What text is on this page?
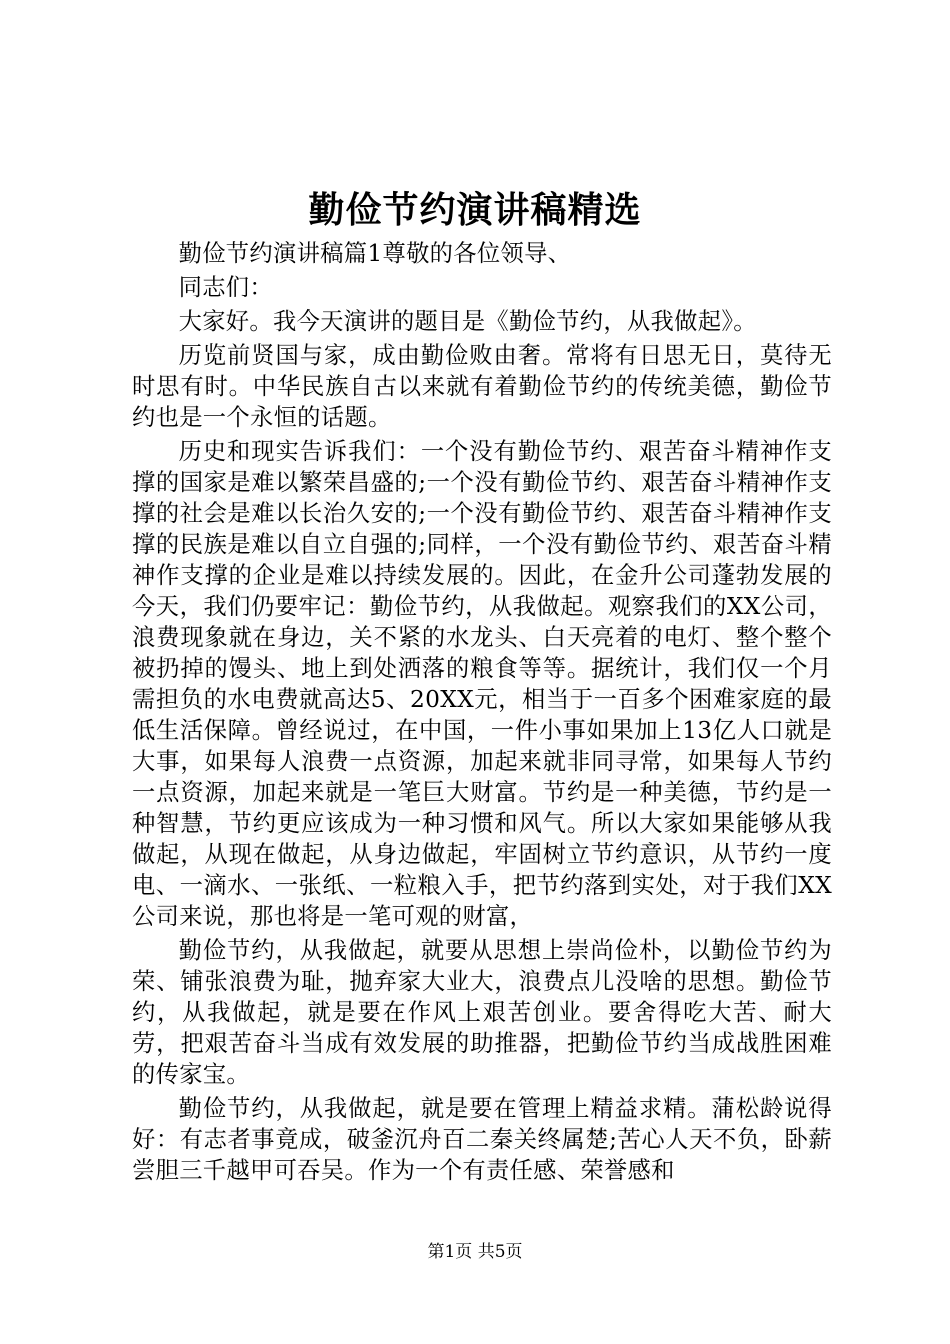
勤俭节约演讲稿精选

勤俭节约演讲稿篇1尊敬的各位领导、

同志们：

大家好。我今天演讲的题目是《勤俭节约，从我做起》。

历览前贤国与家，成由勤俭败由奢。常将有日思无日，莫待无时思有时。中华民族自古以来就有着勤俭节约的传统美德，勤俭节约也是一个永恒的话题。

历史和现实告诉我们：一个没有勤俭节约、艰苦奋斗精神作支撑的国家是难以繁荣昌盛的;一个没有勤俭节约、艰苦奋斗精神作支撑的社会是难以长治久安的;一个没有勤俭节约、艰苦奋斗精神作支撑的民族是难以自立自强的;同样，一个没有勤俭节约、艰苦奋斗精神作支撑的企业是难以持续发展的。因此，在金升公司蓬勃发展的今天，我们仍要牢记：勤俭节约，从我做起。观察我们的XX公司，浪费现象就在身边，关不紧的水龙头、白天亮着的电灯、整个整个被扔掉的馒头、地上到处洒落的粮食等等。据统计，我们仅一个月需担负的水电费就高达5、20XX元，相当于一百多个困难家庭的最低生活保障。曾经说过，在中国，一件小事如果加上13亿人口就是大事，如果每人浪费一点资源，加起来就非同寻常，如果每人节约一点资源，加起来就是一笔巨大财富。节约是一种美德，节约是一种智慧，节约更应该成为一种习惯和风气。所以大家如果能够从我做起，从现在做起，从身边做起，牢固树立节约意识，从节约一度电、一滴水、一张纸、一粒粮入手，把节约落到实处，对于我们XX公司来说，那也将是一笔可观的财富，

勤俭节约，从我做起，就要从思想上崇尚俭朴，以勤俭节约为荣、铺张浪费为耻，抛弃家大业大，浪费点儿没啥的思想。勤俭节约，从我做起，就是要在作风上艰苦创业。要舍得吃大苦、耐大劳，把艰苦奋斗当成有效发展的助推器，把勤俭节约当成战胜困难的传家宝。

勤俭节约，从我做起，就是要在管理上精益求精。蒲松龄说得好：有志者事竟成，破釜沉舟百二秦关终属楚;苦心人天不负，卧薪尝胆三千越甲可吞吴。作为一个有责任感、荣誉感和

第1页 共5页
